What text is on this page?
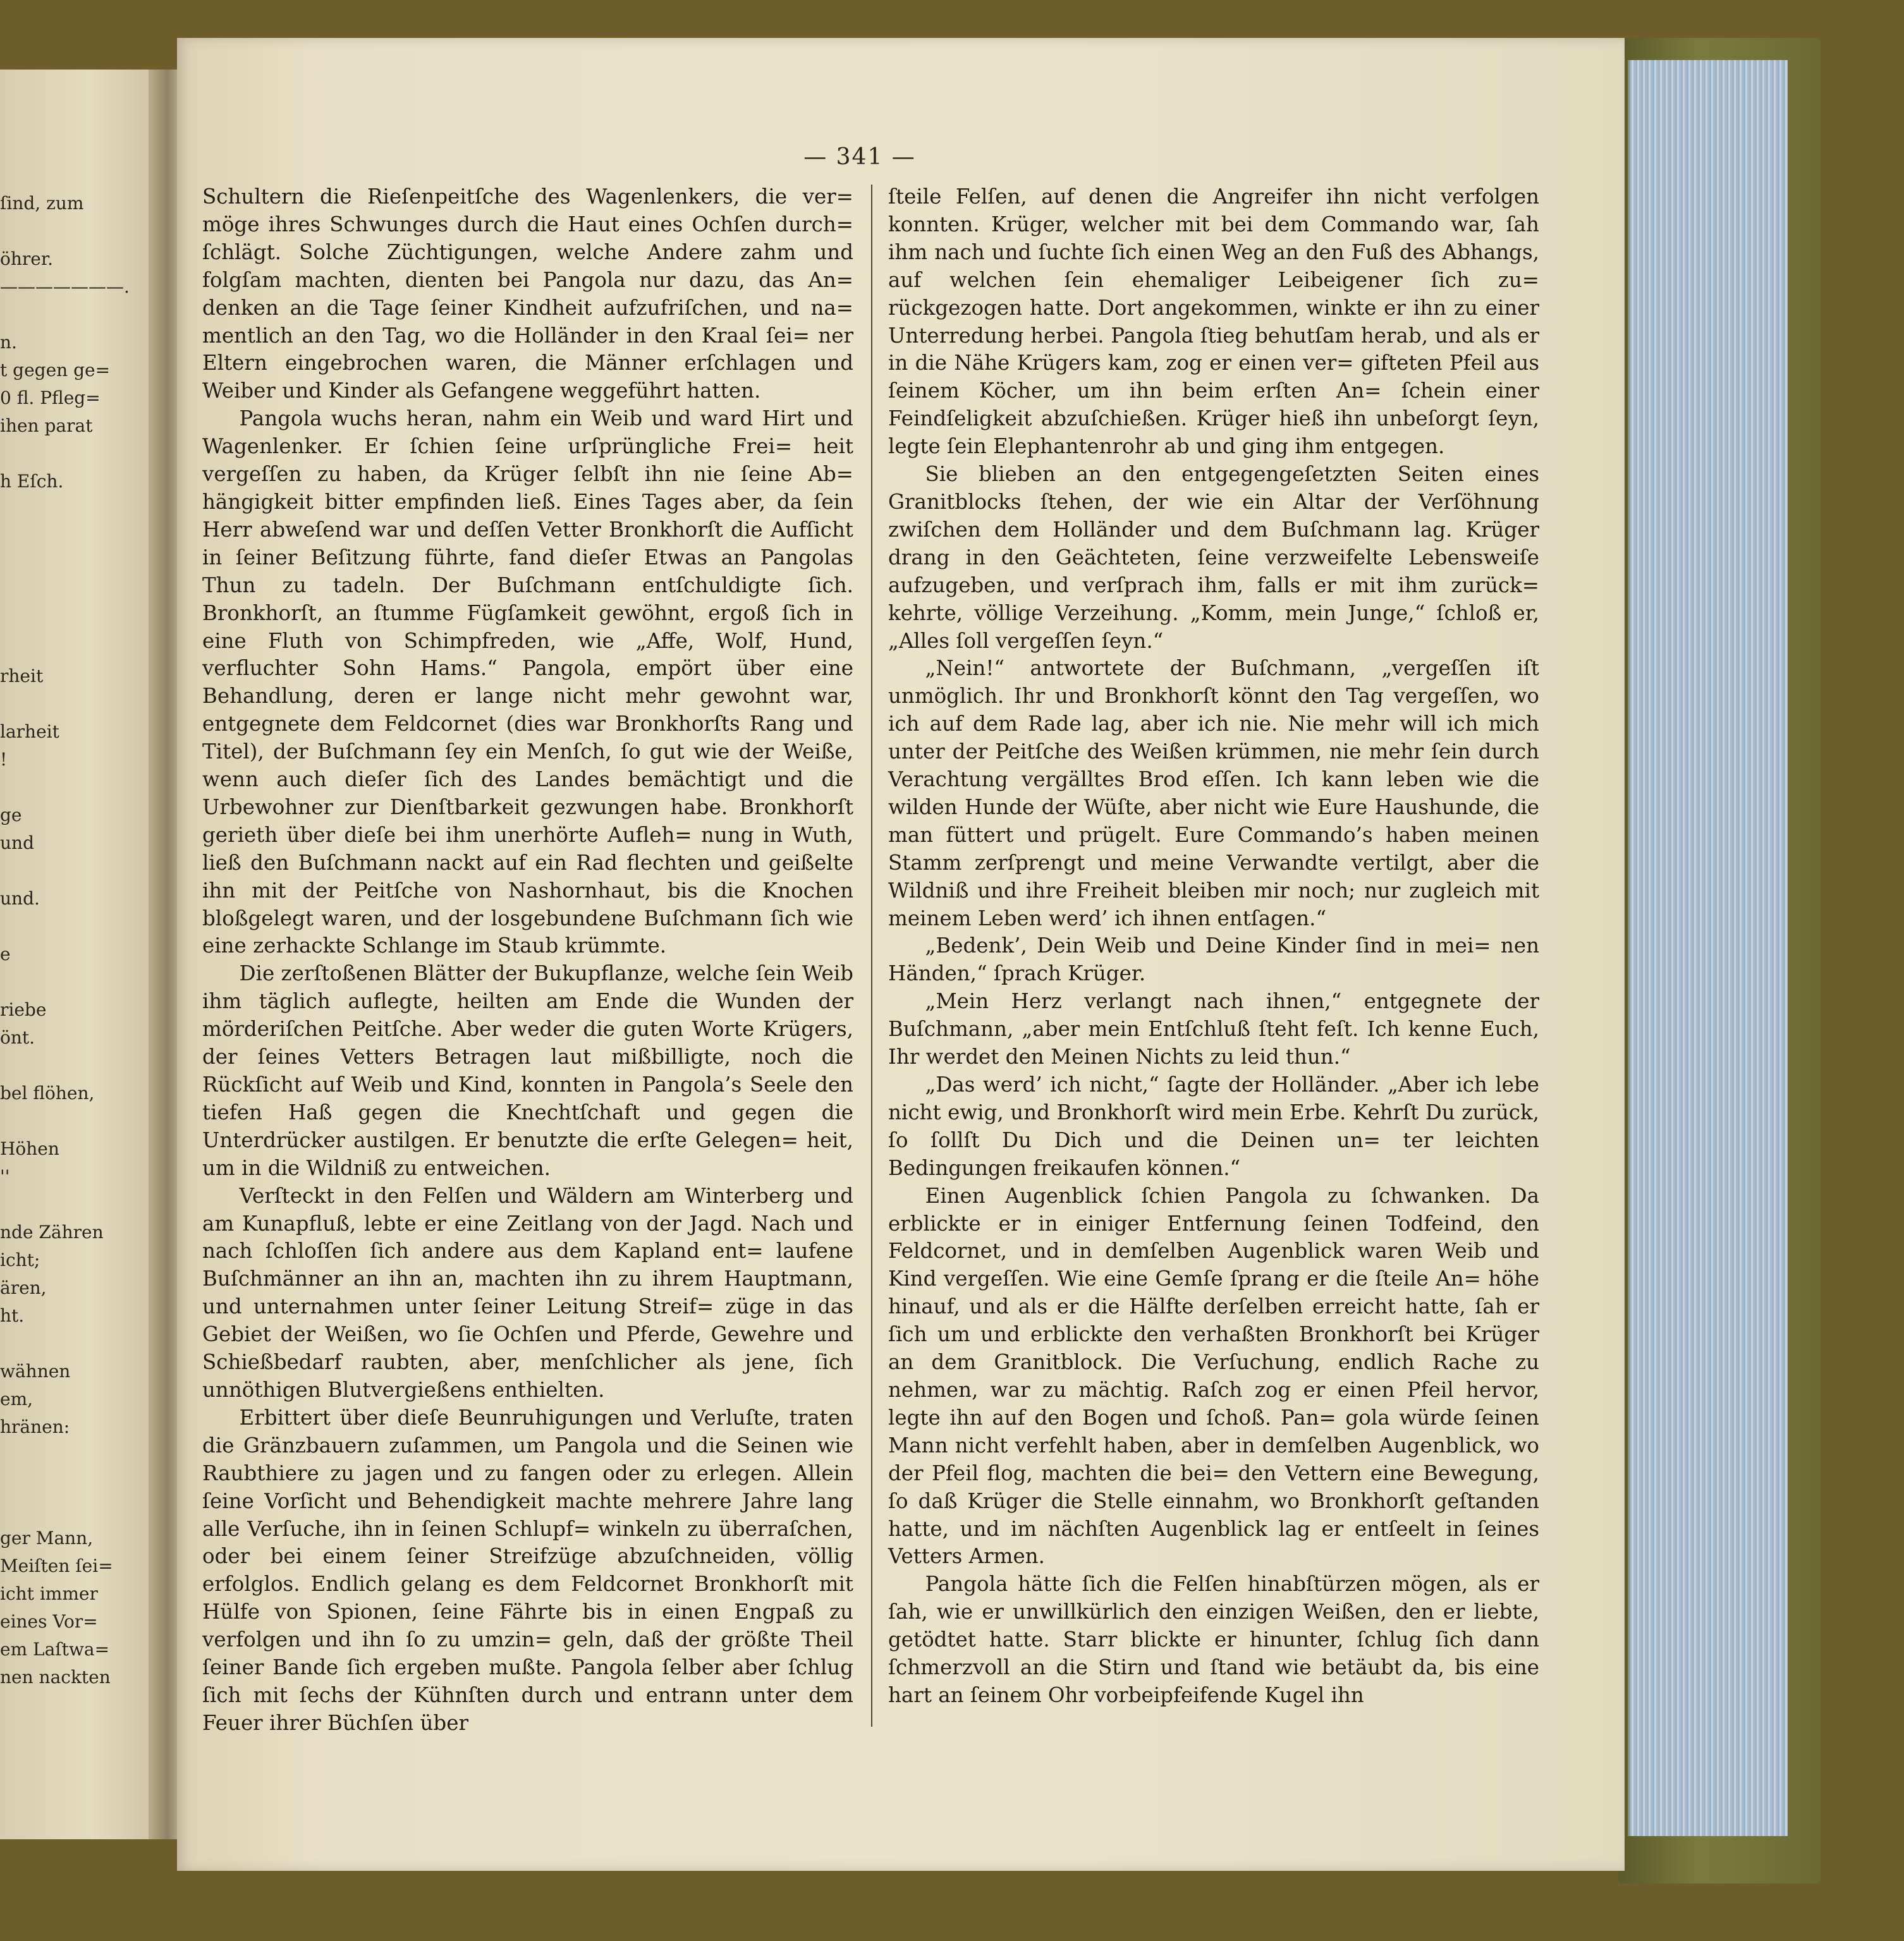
ſind, zum
öhrer.
———————.
n.
t gegen ge=
0 fl. Pfleg=
ihen parat
h Eſch.
rheit
larheit
!
ge
und
und.
e
riebe
önt.
bel flöhen,
Höhen
''
nde Zähren
icht;
ären,
ht.
wähnen
em,
hränen:
ger Mann,
Meiſten ſei=
icht immer
eines Vor=
em Laſtwa=
nen nackten
— 341 —

Schultern die Rieſenpeitſche des Wagenlenkers, die ver= möge ihres Schwunges durch die Haut eines Ochſen durch= ſchlägt. Solche Züchtigungen, welche Andere zahm und folgſam machten, dienten bei Pangola nur dazu, das An= denken an die Tage ſeiner Kindheit aufzufriſchen, und na= mentlich an den Tag, wo die Holländer in den Kraal ſei= ner Eltern eingebrochen waren, die Männer erſchlagen und Weiber und Kinder als Gefangene weggeführt hatten.

Pangola wuchs heran, nahm ein Weib und ward Hirt und Wagenlenker. Er ſchien ſeine urſprüngliche Frei= heit vergeſſen zu haben, da Krüger ſelbſt ihn nie ſeine Ab= hängigkeit bitter empfinden ließ. Eines Tages aber, da ſein Herr abweſend war und deſſen Vetter Bronkhorſt die Aufſicht in ſeiner Beſitzung führte, fand dieſer Etwas an Pangolas Thun zu tadeln. Der Buſchmann entſchuldigte ſich. Bronkhorſt, an ſtumme Fügſamkeit gewöhnt, ergoß ſich in eine Fluth von Schimpfreden, wie „Affe, Wolf, Hund, verfluchter Sohn Hams.“ Pangola, empört über eine Behandlung, deren er lange nicht mehr gewohnt war, entgegnete dem Feldcornet (dies war Bronkhorſts Rang und Titel), der Buſchmann ſey ein Menſch, ſo gut wie der Weiße, wenn auch dieſer ſich des Landes bemächtigt und die Urbewohner zur Dienſtbarkeit gezwungen habe. Bronkhorſt gerieth über dieſe bei ihm unerhörte Aufleh= nung in Wuth, ließ den Buſchmann nackt auf ein Rad flechten und geißelte ihn mit der Peitſche von Nashornhaut, bis die Knochen bloßgelegt waren, und der losgebundene Buſchmann ſich wie eine zerhackte Schlange im Staub krümmte.

Die zerſtoßenen Blätter der Bukupflanze, welche ſein Weib ihm täglich auflegte, heilten am Ende die Wunden der mörderiſchen Peitſche. Aber weder die guten Worte Krügers, der ſeines Vetters Betragen laut mißbilligte, noch die Rückſicht auf Weib und Kind, konnten in Pangola’s Seele den tiefen Haß gegen die Knechtſchaft und gegen die Unterdrücker austilgen. Er benutzte die erſte Gelegen= heit, um in die Wildniß zu entweichen.

Verſteckt in den Felſen und Wäldern am Winterberg und am Kunapfluß, lebte er eine Zeitlang von der Jagd. Nach und nach ſchloſſen ſich andere aus dem Kapland ent= laufene Buſchmänner an ihn an, machten ihn zu ihrem Hauptmann, und unternahmen unter ſeiner Leitung Streif= züge in das Gebiet der Weißen, wo ſie Ochſen und Pferde, Gewehre und Schießbedarf raubten, aber, menſchlicher als jene, ſich unnöthigen Blutvergießens enthielten.

Erbittert über dieſe Beunruhigungen und Verluſte, traten die Gränzbauern zuſammen, um Pangola und die Seinen wie Raubthiere zu jagen und zu fangen oder zu erlegen. Allein ſeine Vorſicht und Behendigkeit machte mehrere Jahre lang alle Verſuche, ihn in ſeinen Schlupf= winkeln zu überraſchen, oder bei einem ſeiner Streifzüge abzuſchneiden, völlig erfolglos. Endlich gelang es dem Feldcornet Bronkhorſt mit Hülfe von Spionen, ſeine Fährte bis in einen Engpaß zu verfolgen und ihn ſo zu umzin= geln, daß der größte Theil ſeiner Bande ſich ergeben mußte. Pangola ſelber aber ſchlug ſich mit ſechs der Kühnſten durch und entrann unter dem Feuer ihrer Büchſen über

ſteile Felſen, auf denen die Angreifer ihn nicht verfolgen konnten. Krüger, welcher mit bei dem Commando war, ſah ihm nach und ſuchte ſich einen Weg an den Fuß des Abhangs, auf welchen ſein ehemaliger Leibeigener ſich zu= rückgezogen hatte. Dort angekommen, winkte er ihn zu einer Unterredung herbei. Pangola ſtieg behutſam herab, und als er in die Nähe Krügers kam, zog er einen ver= gifteten Pfeil aus ſeinem Köcher, um ihn beim erſten An= ſchein einer Feindſeligkeit abzuſchießen. Krüger hieß ihn unbeſorgt ſeyn, legte ſein Elephantenrohr ab und ging ihm entgegen.

Sie blieben an den entgegengeſetzten Seiten eines Granitblocks ſtehen, der wie ein Altar der Verſöhnung zwiſchen dem Holländer und dem Buſchmann lag. Krüger drang in den Geächteten, ſeine verzweifelte Lebensweiſe aufzugeben, und verſprach ihm, falls er mit ihm zurück= kehrte, völlige Verzeihung. „Komm, mein Junge,“ ſchloß er, „Alles ſoll vergeſſen ſeyn.“

„Nein!“ antwortete der Buſchmann, „vergeſſen iſt unmöglich. Ihr und Bronkhorſt könnt den Tag vergeſſen, wo ich auf dem Rade lag, aber ich nie. Nie mehr will ich mich unter der Peitſche des Weißen krümmen, nie mehr ſein durch Verachtung vergälltes Brod eſſen. Ich kann leben wie die wilden Hunde der Wüſte, aber nicht wie Eure Haushunde, die man füttert und prügelt. Eure Commando’s haben meinen Stamm zerſprengt und meine Verwandte vertilgt, aber die Wildniß und ihre Freiheit bleiben mir noch; nur zugleich mit meinem Leben werd’ ich ihnen entſagen.“

„Bedenk’, Dein Weib und Deine Kinder ſind in mei= nen Händen,“ ſprach Krüger.

„Mein Herz verlangt nach ihnen,“ entgegnete der Buſchmann, „aber mein Entſchluß ſteht feſt. Ich kenne Euch, Ihr werdet den Meinen Nichts zu leid thun.“

„Das werd’ ich nicht,“ ſagte der Holländer. „Aber ich lebe nicht ewig, und Bronkhorſt wird mein Erbe. Kehrſt Du zurück, ſo ſollſt Du Dich und die Deinen un= ter leichten Bedingungen freikaufen können.“

Einen Augenblick ſchien Pangola zu ſchwanken. Da erblickte er in einiger Entfernung ſeinen Todfeind, den Feldcornet, und in demſelben Augenblick waren Weib und Kind vergeſſen. Wie eine Gemſe ſprang er die ſteile An= höhe hinauf, und als er die Hälfte derſelben erreicht hatte, ſah er ſich um und erblickte den verhaßten Bronkhorſt bei Krüger an dem Granitblock. Die Verſuchung, endlich Rache zu nehmen, war zu mächtig. Raſch zog er einen Pfeil hervor, legte ihn auf den Bogen und ſchoß. Pan= gola würde ſeinen Mann nicht verfehlt haben, aber in demſelben Augenblick, wo der Pfeil flog, machten die bei= den Vettern eine Bewegung, ſo daß Krüger die Stelle einnahm, wo Bronkhorſt geſtanden hatte, und im nächſten Augenblick lag er entſeelt in ſeines Vetters Armen.

Pangola hätte ſich die Felſen hinabſtürzen mögen, als er ſah, wie er unwillkürlich den einzigen Weißen, den er liebte, getödtet hatte. Starr blickte er hinunter, ſchlug ſich dann ſchmerzvoll an die Stirn und ſtand wie betäubt da, bis eine hart an ſeinem Ohr vorbeipfeifende Kugel ihn
